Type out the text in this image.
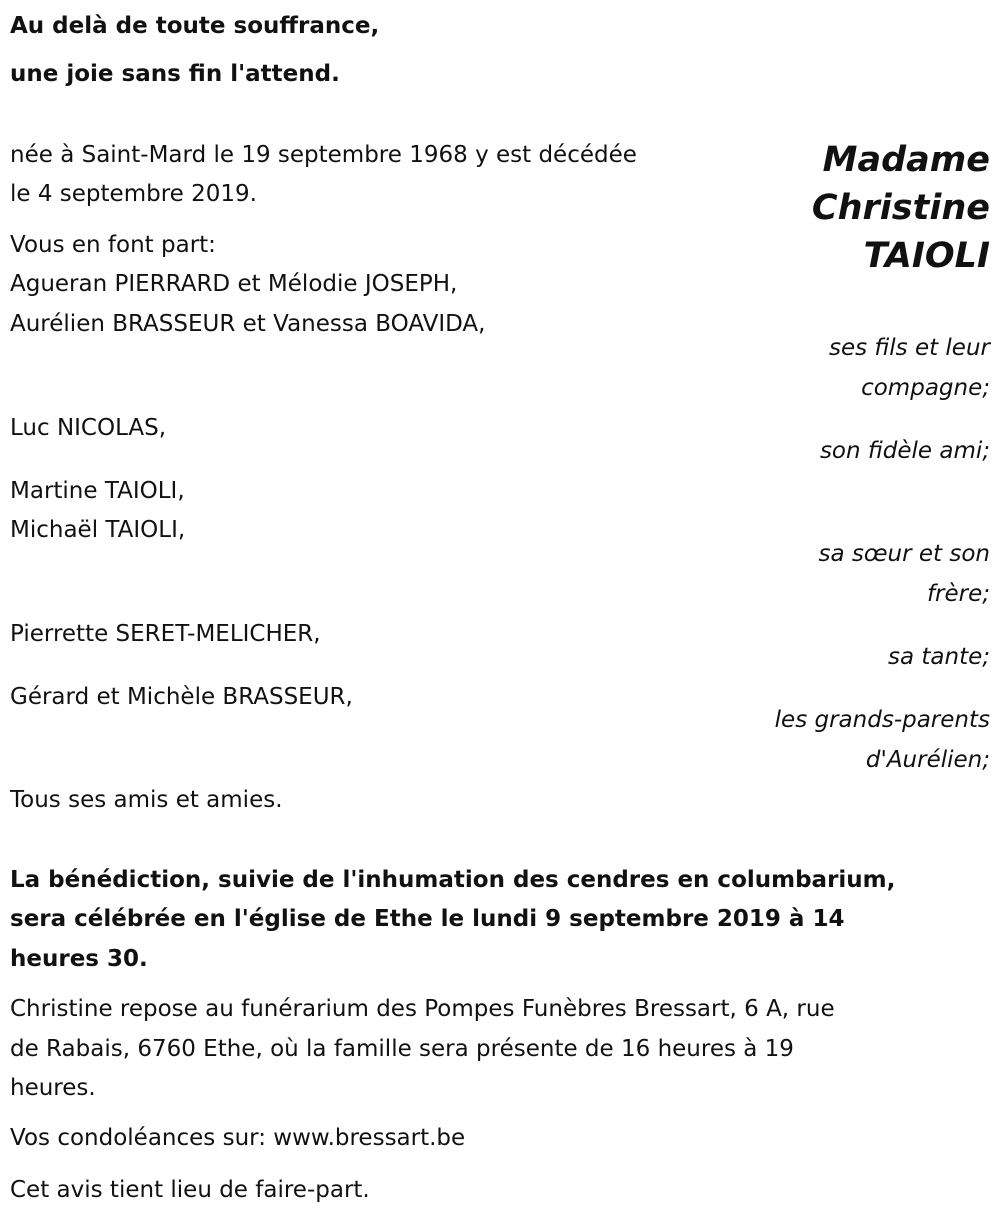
Au delà de toute souffrance,
une joie sans fin l'attend.
née à Saint-Mard le 19 septembre 1968 y est décédée
le 4 septembre 2019.
Madame
Christine
TAIOLI
Vous en font part:
Agueran PIERRARD et Mélodie JOSEPH,
Aurélien BRASSEUR et Vanessa BOAVIDA,
Luc NICOLAS,
Martine TAIOLI,
Michaël TAIOLI,
Pierrette SERET-MELICHER,
Gérard et Michèle BRASSEUR,
Tous ses amis et amies.
ses fils et leur
compagne;
son fidèle ami;
sa sœur et son
frère;
sa tante;
les grands-parents
d'Aurélien;
La bénédiction, suivie de l'inhumation des cendres en columbarium,
sera célébrée en l'église de Ethe le lundi 9 septembre 2019 à 14
heures 30.
Christine repose au funérarium des Pompes Funèbres Bressart, 6 A, rue
de Rabais, 6760 Ethe, où la famille sera présente de 16 heures à 19
heures.
Vos condoléances sur: www.bressart.be
Cet avis tient lieu de faire-part.
